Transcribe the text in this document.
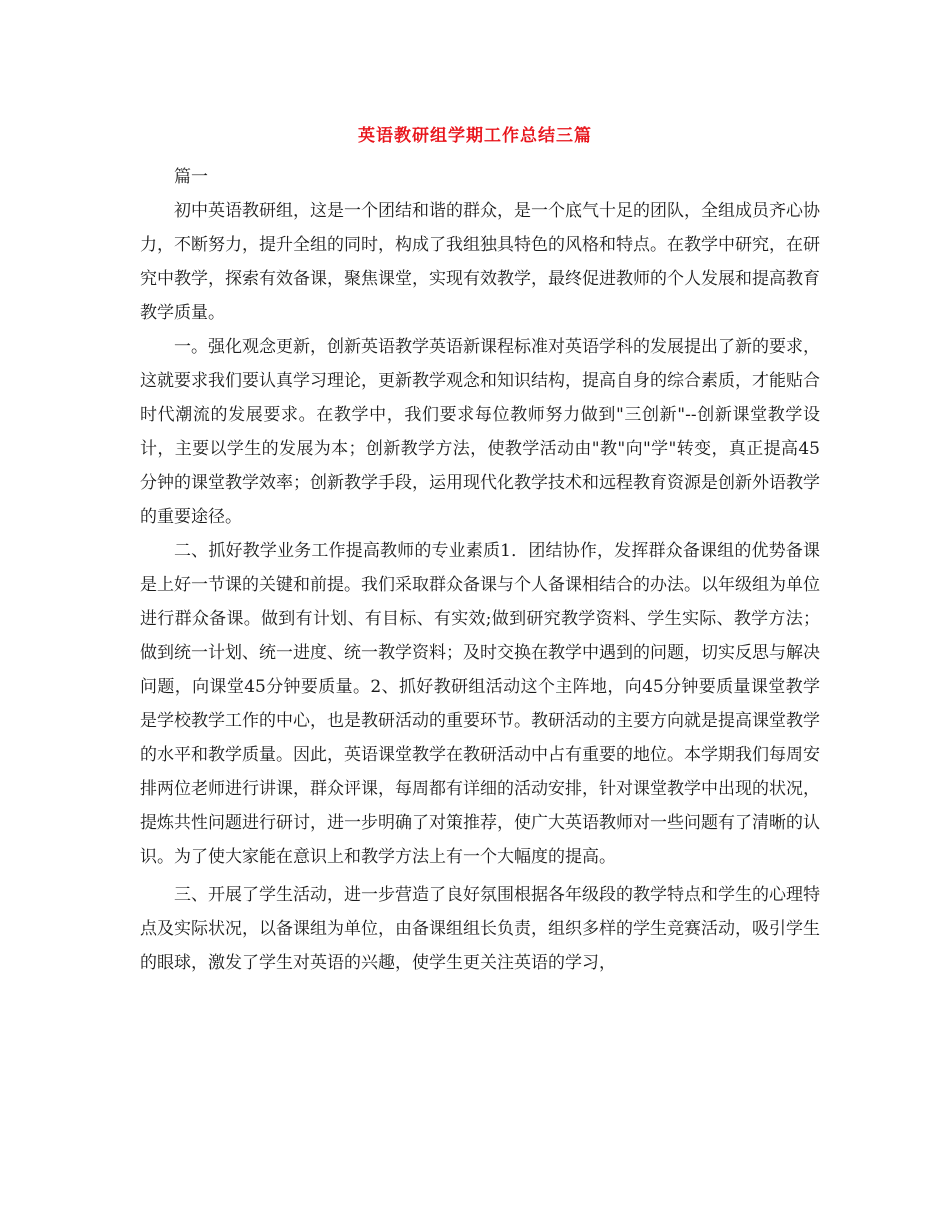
英语教研组学期工作总结三篇

篇一

初中英语教研组，这是一个团结和谐的群众，是一个底气十足的团队，全组成员齐心协力，不断努力，提升全组的同时，构成了我组独具特色的风格和特点。在教学中研究，在研究中教学，探索有效备课，聚焦课堂，实现有效教学，最终促进教师的个人发展和提高教育教学质量。

一。强化观念更新，创新英语教学英语新课程标准对英语学科的发展提出了新的要求，这就要求我们要认真学习理论，更新教学观念和知识结构，提高自身的综合素质，才能贴合时代潮流的发展要求。在教学中，我们要求每位教师努力做到"三创新"--创新课堂教学设计，主要以学生的发展为本；创新教学方法，使教学活动由"教"向"学"转变，真正提高45分钟的课堂教学效率；创新教学手段，运用现代化教学技术和远程教育资源是创新外语教学的重要途径。

二、抓好教学业务工作提高教师的专业素质1．团结协作，发挥群众备课组的优势备课是上好一节课的关键和前提。我们采取群众备课与个人备课相结合的办法。以年级组为单位进行群众备课。做到有计划、有目标、有实效;做到研究教学资料、学生实际、教学方法；做到统一计划、统一进度、统一教学资料；及时交换在教学中遇到的问题，切实反思与解决问题，向课堂45分钟要质量。2、抓好教研组活动这个主阵地，向45分钟要质量课堂教学是学校教学工作的中心，也是教研活动的重要环节。教研活动的主要方向就是提高课堂教学的水平和教学质量。因此，英语课堂教学在教研活动中占有重要的地位。本学期我们每周安排两位老师进行讲课，群众评课，每周都有详细的活动安排，针对课堂教学中出现的状况，提炼共性问题进行研讨，进一步明确了对策推荐，使广大英语教师对一些问题有了清晰的认识。为了使大家能在意识上和教学方法上有一个大幅度的提高。

三、开展了学生活动，进一步营造了良好氛围根据各年级段的教学特点和学生的心理特点及实际状况，以备课组为单位，由备课组组长负责，组织多样的学生竞赛活动，吸引学生的眼球，激发了学生对英语的兴趣，使学生更关注英语的学习，
